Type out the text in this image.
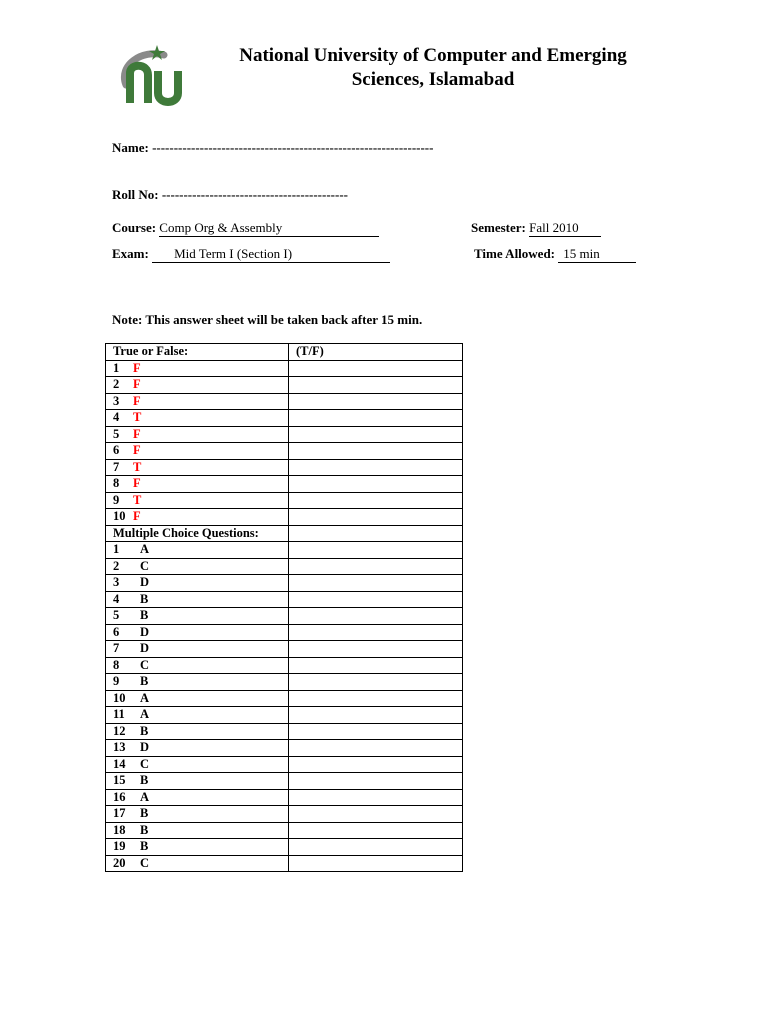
National University of Computer and Emerging
Sciences, Islamabad
Name: -----------------------------------------------------------------
Roll No: -------------------------------------------
Course: Comp Org & Assembly	Semester: Fall 2010
Exam: Mid Term I (Section I)	Time Allowed: 15 min
Note: This answer sheet will be taken back after 15 min.
True or False:	(T/F)
1 F	
2 F	
3 F	
4 T	
5 F	
6 F	
7 T	
8 F	
9 T	
10 F	
Multiple Choice Questions:	
1 A	
2 C	
3 D	
4 B	
5 B	
6 D	
7 D	
8 C	
9 B	
10 A	
11 A	
12 B	
13 D	
14 C	
15 B	
16 A	
17 B	
18 B	
19 B	
20 C	
